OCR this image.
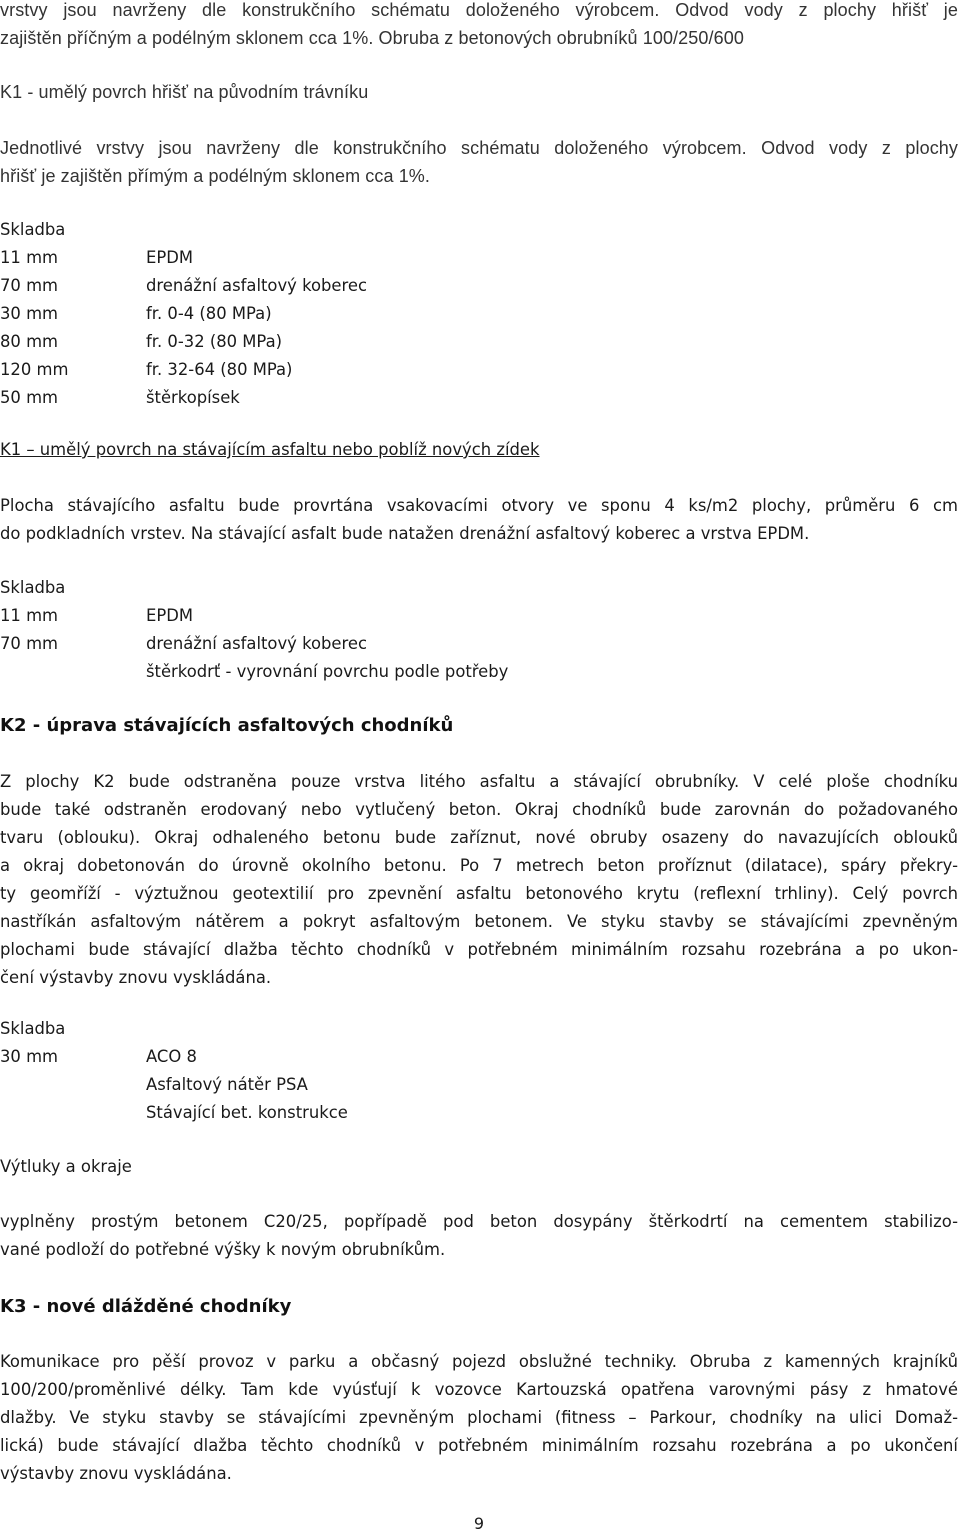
vrstvy jsou navrženy dle konstrukčního schématu doloženého výrobcem. Odvod vody z plochy hřišť je
zajištěn příčným a podélným sklonem cca 1%. Obruba z betonových obrubníků 100/250/600
K1 - umělý povrch hřišť na původním trávníku
Jednotlivé vrstvy jsou navrženy dle konstrukčního schématu doloženého výrobcem. Odvod vody z plochy
hřišť je zajištěn přímým a podélným sklonem cca 1%.
Skladba
11 mm	EPDM
70 mm	drenážní asfaltový koberec
30 mm	fr. 0-4 (80 MPa)
80 mm	fr. 0-32 (80 MPa)
120 mm	fr. 32-64 (80 MPa)
50 mm	štěrkopísek
K1 – umělý povrch na stávajícím asfaltu nebo poblíž nových zídek
Plocha stávajícího asfaltu bude provrtána vsakovacími otvory ve sponu 4 ks/m2 plochy, průměru 6 cm
do podkladních vrstev. Na stávající asfalt bude natažen drenážní asfaltový koberec a vrstva EPDM.
Skladba
11 mm	EPDM
70 mm	drenážní asfaltový koberec
štěrkodrť - vyrovnání povrchu podle potřeby
K2 - úprava stávajících asfaltových chodníků
Z plochy K2 bude odstraněna pouze vrstva litého asfaltu a stávající obrubníky. V celé ploše chodníku
bude také odstraněn erodovaný nebo vytlučený beton. Okraj chodníků bude zarovnán do požadovaného
tvaru (oblouku). Okraj odhaleného betonu bude zaříznut, nové obruby osazeny do navazujících oblouků
a okraj dobetonován do úrovně okolního betonu. Po 7 metrech beton proříznut (dilatace), spáry překry-
ty geomříží - výztužnou geotextilií pro zpevnění asfaltu betonového krytu (reflexní trhliny). Celý povrch
nastříkán asfaltovým nátěrem a pokryt asfaltovým betonem. Ve styku stavby se stávajícími zpevněným
plochami bude stávající dlažba těchto chodníků v potřebném minimálním rozsahu rozebrána a po ukon-
čení výstavby znovu vyskládána.
Skladba
30 mm	ACO 8
Asfaltový nátěr PSA
Stávající bet. konstrukce
Výtluky a okraje
vyplněny prostým betonem C20/25, popřípadě pod beton dosypány štěrkodrtí na cementem stabilizo-
vané podloží do potřebné výšky k novým obrubníkům.
K3 - nové dlážděné chodníky
Komunikace pro pěší provoz v parku a občasný pojezd obslužné techniky. Obruba z kamenných krajníků
100/200/proměnlivé délky. Tam kde vyúsťují k vozovce Kartouzská opatřena varovnými pásy z hmatové
dlažby. Ve styku stavby se stávajícími zpevněným plochami (fitness – Parkour, chodníky na ulici Domaž-
lická) bude stávající dlažba těchto chodníků v potřebném minimálním rozsahu rozebrána a po ukončení
výstavby znovu vyskládána.
9
